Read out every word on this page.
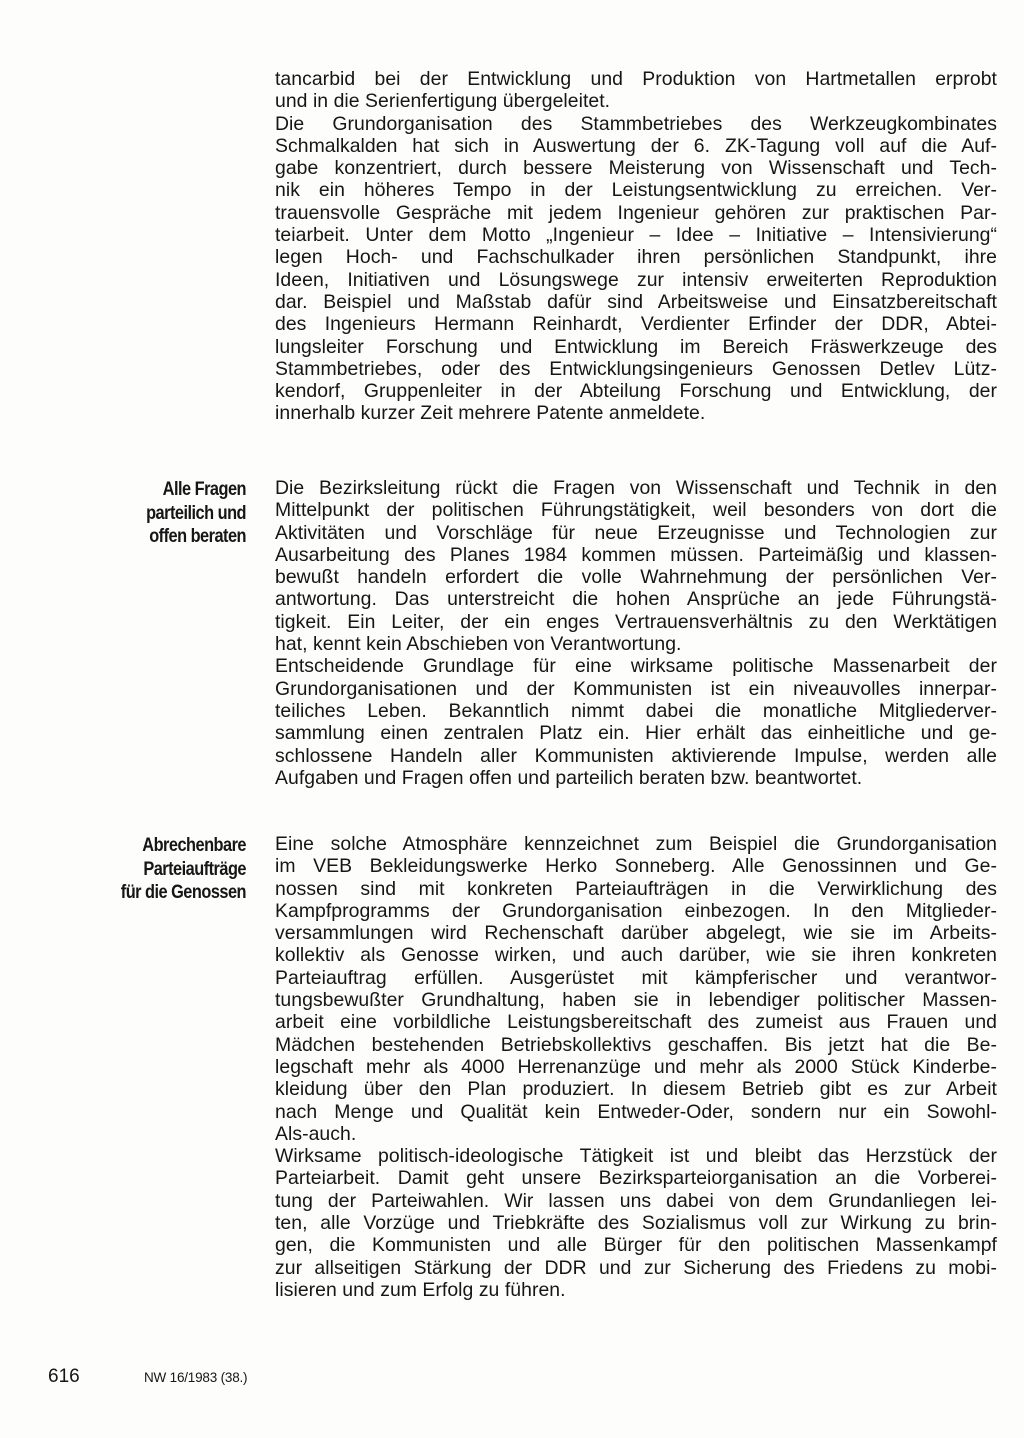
Alle Fragen
parteilich und
offen beraten
Abrechenbare
Parteiaufträge
für die Genossen
tancarbid bei der Entwicklung und Produktion von Hartmetallen erprobt
und in die Serienfertigung übergeleitet.
Die Grundorganisation des Stammbetriebes des Werkzeugkombinates
Schmalkalden hat sich in Auswertung der 6. ZK-Tagung voll auf die Auf-
gabe konzentriert, durch bessere Meisterung von Wissenschaft und Tech-
nik ein höheres Tempo in der Leistungsentwicklung zu erreichen. Ver-
trauensvolle Gespräche mit jedem Ingenieur gehören zur praktischen Par-
teiarbeit. Unter dem Motto „Ingenieur – Idee – Initiative – Intensivierung“
legen Hoch- und Fachschulkader ihren persönlichen Standpunkt, ihre
Ideen, Initiativen und Lösungswege zur intensiv erweiterten Reproduktion
dar. Beispiel und Maßstab dafür sind Arbeitsweise und Einsatzbereitschaft
des Ingenieurs Hermann Reinhardt, Verdienter Erfinder der DDR, Abtei-
lungsleiter Forschung und Entwicklung im Bereich Fräswerkzeuge des
Stammbetriebes, oder des Entwicklungsingenieurs Genossen Detlev Lütz-
kendorf, Gruppenleiter in der Abteilung Forschung und Entwicklung, der
innerhalb kurzer Zeit mehrere Patente anmeldete.
Die Bezirksleitung rückt die Fragen von Wissenschaft und Technik in den
Mittelpunkt der politischen Führungstätigkeit, weil besonders von dort die
Aktivitäten und Vorschläge für neue Erzeugnisse und Technologien zur
Ausarbeitung des Planes 1984 kommen müssen. Parteimäßig und klassen-
bewußt handeln erfordert die volle Wahrnehmung der persönlichen Ver-
antwortung. Das unterstreicht die hohen Ansprüche an jede Führungstä-
tigkeit. Ein Leiter, der ein enges Vertrauensverhältnis zu den Werktätigen
hat, kennt kein Abschieben von Verantwortung.
Entscheidende Grundlage für eine wirksame politische Massenarbeit der
Grundorganisationen und der Kommunisten ist ein niveauvolles innerpar-
teiliches Leben. Bekanntlich nimmt dabei die monatliche Mitgliederver-
sammlung einen zentralen Platz ein. Hier erhält das einheitliche und ge-
schlossene Handeln aller Kommunisten aktivierende Impulse, werden alle
Aufgaben und Fragen offen und parteilich beraten bzw. beantwortet.
Eine solche Atmosphäre kennzeichnet zum Beispiel die Grundorganisation
im VEB Bekleidungswerke Herko Sonneberg. Alle Genossinnen und Ge-
nossen sind mit konkreten Parteiaufträgen in die Verwirklichung des
Kampfprogramms der Grundorganisation einbezogen. In den Mitglieder-
versammlungen wird Rechenschaft darüber abgelegt, wie sie im Arbeits-
kollektiv als Genosse wirken, und auch darüber, wie sie ihren konkreten
Parteiauftrag erfüllen. Ausgerüstet mit kämpferischer und verantwor-
tungsbewußter Grundhaltung, haben sie in lebendiger politischer Massen-
arbeit eine vorbildliche Leistungsbereitschaft des zumeist aus Frauen und
Mädchen bestehenden Betriebskollektivs geschaffen. Bis jetzt hat die Be-
legschaft mehr als 4000 Herrenanzüge und mehr als 2000 Stück Kinderbe-
kleidung über den Plan produziert. In diesem Betrieb gibt es zur Arbeit
nach Menge und Qualität kein Entweder-Oder, sondern nur ein Sowohl-
Als-auch.
Wirksame politisch-ideologische Tätigkeit ist und bleibt das Herzstück der
Parteiarbeit. Damit geht unsere Bezirksparteiorganisation an die Vorberei-
tung der Parteiwahlen. Wir lassen uns dabei von dem Grundanliegen lei-
ten, alle Vorzüge und Triebkräfte des Sozialismus voll zur Wirkung zu brin-
gen, die Kommunisten und alle Bürger für den politischen Massenkampf
zur allseitigen Stärkung der DDR und zur Sicherung des Friedens zu mobi-
lisieren und zum Erfolg zu führen.
616	NW 16/1983 (38.)
